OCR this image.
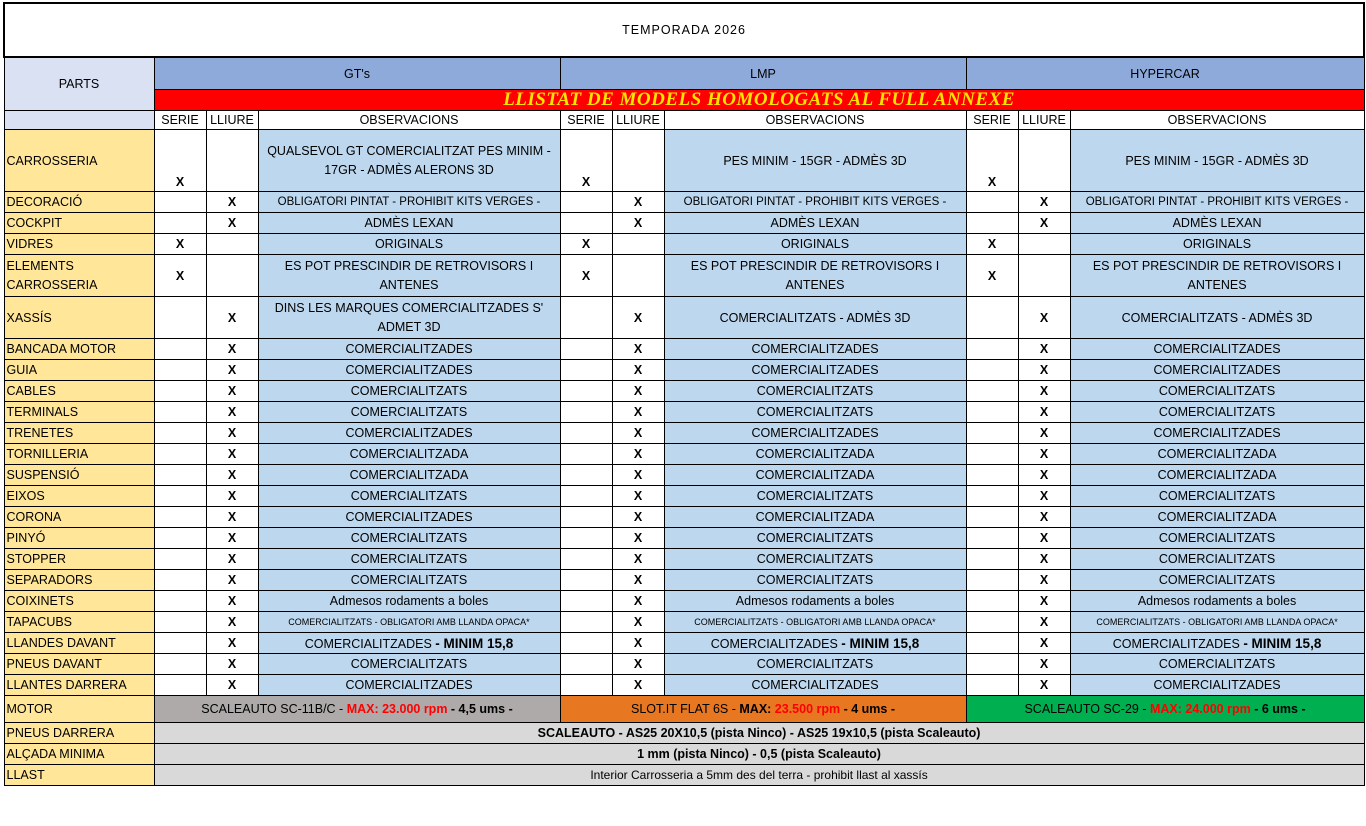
TEMPORADA 2026									
PARTS	GT's			LMP			HYPERCAR		
	LLISTAT DE MODELS HOMOLOGATS AL FULL ANNEXE								
	SERIE	LLIURE	OBSERVACIONS	SERIE	LLIURE	OBSERVACIONS	SERIE	LLIURE	OBSERVACIONS
CARROSSERIA	X		QUALSEVOL GT COMERCIALITZAT PES MINIM - 17GR - ADMÈS ALERONS 3D	X		PES MINIM - 15GR - ADMÈS 3D	X		PES MINIM - 15GR - ADMÈS 3D
DECORACIÓ		X	OBLIGATORI PINTAT - PROHIBIT KITS VERGES -		X	OBLIGATORI PINTAT - PROHIBIT KITS VERGES -		X	OBLIGATORI PINTAT - PROHIBIT KITS VERGES -
COCKPIT		X	ADMÈS LEXAN		X	ADMÈS LEXAN		X	ADMÈS LEXAN
VIDRES	X		ORIGINALS	X		ORIGINALS	X		ORIGINALS
ELEMENTS CARROSSERIA	X		ES POT PRESCINDIR DE RETROVISORS I ANTENES	X		ES POT PRESCINDIR DE RETROVISORS I ANTENES	X		ES POT PRESCINDIR DE RETROVISORS I ANTENES
XASSÍS		X	DINS LES MARQUES COMERCIALITZADES S' ADMET 3D		X	COMERCIALITZATS - ADMÈS 3D		X	COMERCIALITZATS - ADMÈS 3D
BANCADA MOTOR		X	COMERCIALITZADES		X	COMERCIALITZADES		X	COMERCIALITZADES
GUIA		X	COMERCIALITZADES		X	COMERCIALITZADES		X	COMERCIALITZADES
CABLES		X	COMERCIALITZATS		X	COMERCIALITZATS		X	COMERCIALITZATS
TERMINALS		X	COMERCIALITZATS		X	COMERCIALITZATS		X	COMERCIALITZATS
TRENETES		X	COMERCIALITZADES		X	COMERCIALITZADES		X	COMERCIALITZADES
TORNILLERIA		X	COMERCIALITZADA		X	COMERCIALITZADA		X	COMERCIALITZADA
SUSPENSIÓ		X	COMERCIALITZADA		X	COMERCIALITZADA		X	COMERCIALITZADA
EIXOS		X	COMERCIALITZATS		X	COMERCIALITZATS		X	COMERCIALITZATS
CORONA		X	COMERCIALITZADES		X	COMERCIALITZADA		X	COMERCIALITZADA
PINYÓ		X	COMERCIALITZATS		X	COMERCIALITZATS		X	COMERCIALITZATS
STOPPER		X	COMERCIALITZATS		X	COMERCIALITZATS		X	COMERCIALITZATS
SEPARADORS		X	COMERCIALITZATS		X	COMERCIALITZATS		X	COMERCIALITZATS
COIXINETS		X	Admesos rodaments a boles		X	Admesos rodaments a boles		X	Admesos rodaments a boles
TAPACUBS		X	COMERCIALITZATS - OBLIGATORI AMB LLANDA OPACA*		X	COMERCIALITZATS - OBLIGATORI AMB LLANDA OPACA*		X	COMERCIALITZATS - OBLIGATORI AMB LLANDA OPACA*
LLANDES DAVANT		X	COMERCIALITZADES - MINIM 15,8		X	COMERCIALITZADES - MINIM 15,8		X	COMERCIALITZADES - MINIM 15,8
PNEUS DAVANT		X	COMERCIALITZATS		X	COMERCIALITZATS		X	COMERCIALITZATS
LLANTES DARRERA		X	COMERCIALITZADES		X	COMERCIALITZADES		X	COMERCIALITZADES
MOTOR	SCALEAUTO SC-11B/C - MAX: 23.000 rpm - 4,5 ums -			SLOT.IT FLAT 6S - MAX: 23.500 rpm - 4 ums -			SCALEAUTO SC-29 - MAX: 24.000 rpm - 6 ums -		
PNEUS DARRERA	SCALEAUTO - AS25 20X10,5 (pista Ninco) - AS25 19x10,5 (pista Scaleauto)								
ALÇADA MINIMA	1 mm (pista Ninco) - 0,5 (pista Scaleauto)								
LLAST	Interior Carrosseria a 5mm des del terra - prohibit llast al xassís								
